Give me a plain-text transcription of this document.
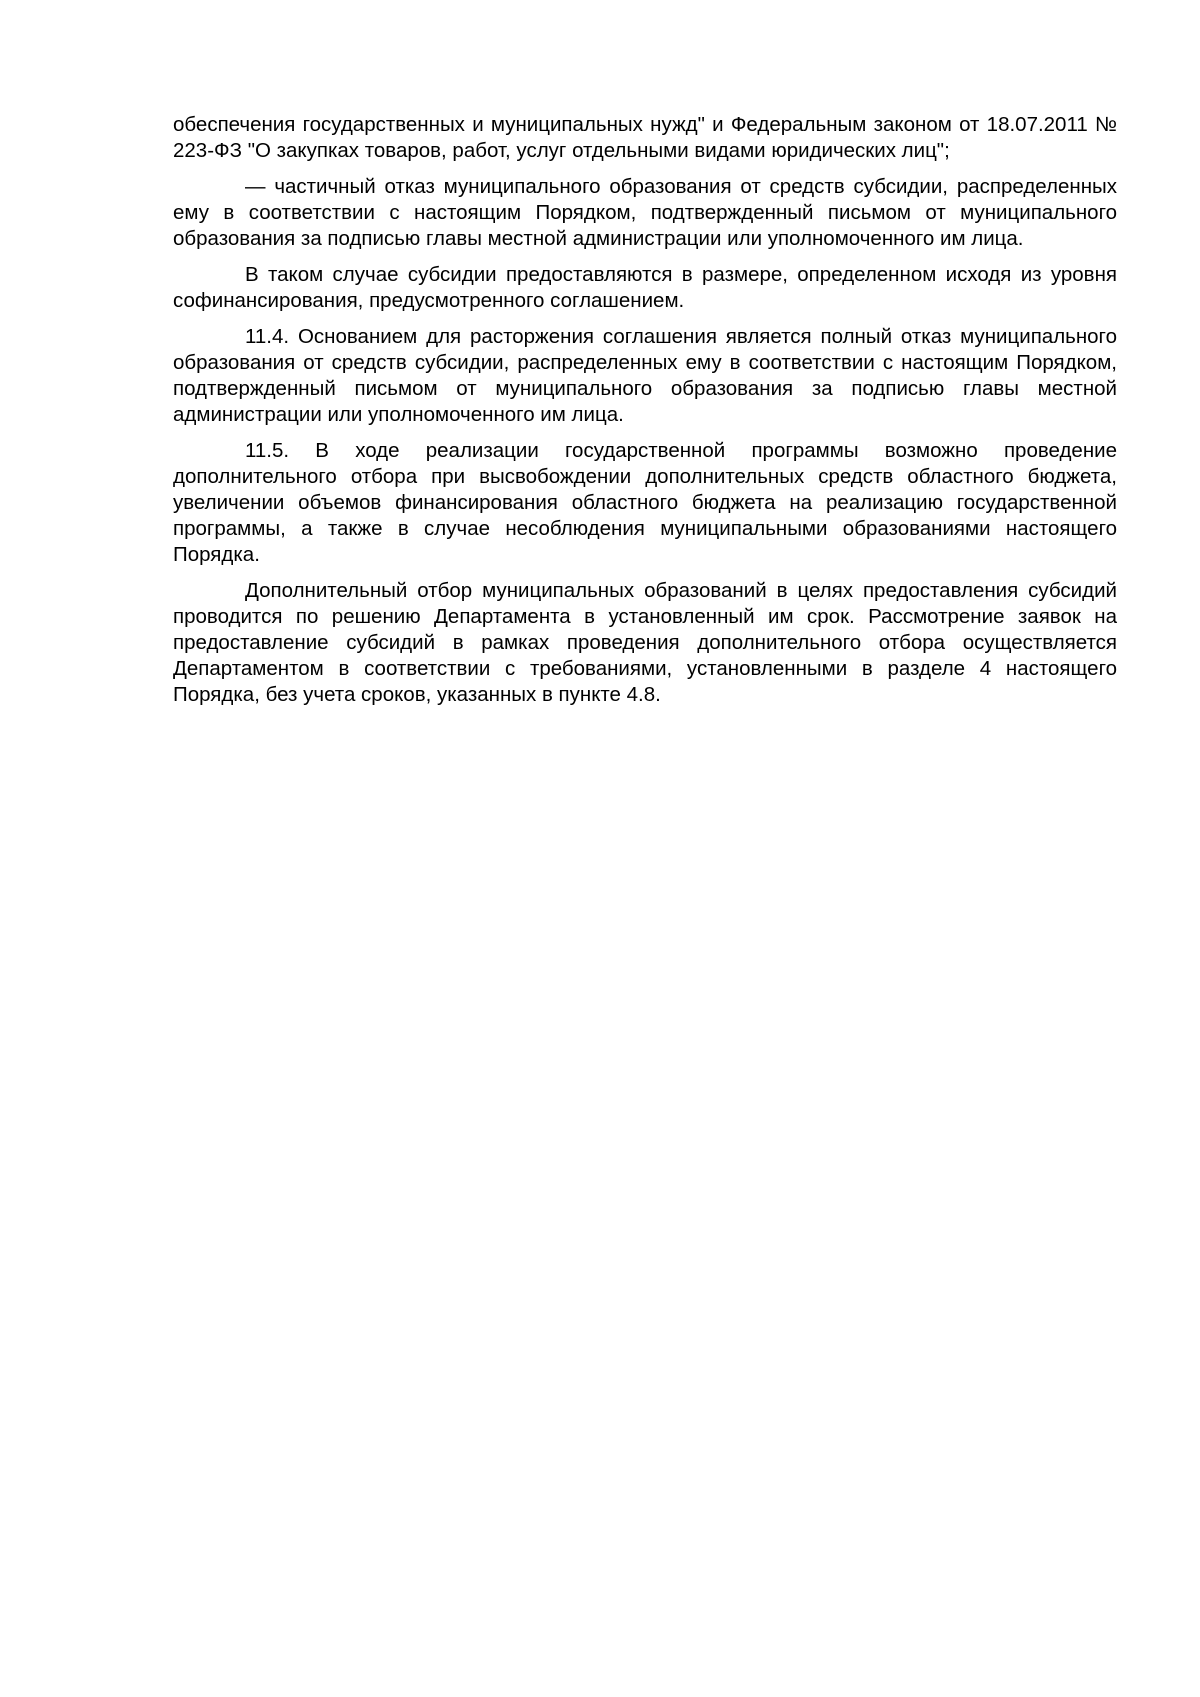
обеспечения государственных и муниципальных нужд" и Федеральным законом от 18.07.2011 № 223-ФЗ "О закупках товаров, работ, услуг отдельными видами юридических лиц";

— частичный отказ муниципального образования от средств субсидии, распределенных ему в соответствии с настоящим Порядком, подтвержденный письмом от муниципального образования за подписью главы местной администрации или уполномоченного им лица.

В таком случае субсидии предоставляются в размере, определенном исходя из уровня софинансирования, предусмотренного соглашением.

11.4. Основанием для расторжения соглашения является полный отказ муниципального образования от средств субсидии, распределенных ему в соответствии с настоящим Порядком, подтвержденный письмом от муниципального образования за подписью главы местной администрации или уполномоченного им лица.

11.5. В ходе реализации государственной программы возможно проведение дополнительного отбора при высвобождении дополнительных средств областного бюджета, увеличении объемов финансирования областного бюджета на реализацию государственной программы, а также в случае несоблюдения муниципальными образованиями настоящего Порядка.

Дополнительный отбор муниципальных образований в целях предоставления субсидий проводится по решению Департамента в установленный им срок. Рассмотрение заявок на предоставление субсидий в рамках проведения дополнительного отбора осуществляется Департаментом в соответствии с требованиями, установленными в разделе 4 настоящего Порядка, без учета сроков, указанных в пункте 4.8.
